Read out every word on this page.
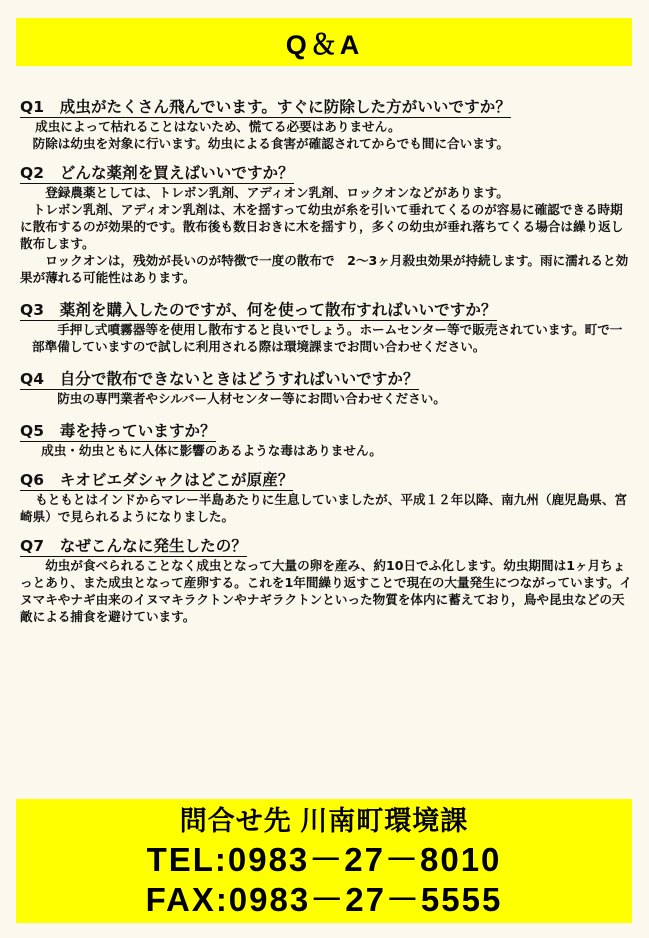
Q＆A
Q1　成虫がたくさん飛んでいます。すぐに防除した方がいいですか？

成虫によって枯れることはないため、慌てる必要はありません。

防除は幼虫を対象に行います。幼虫による食害が確認されてからでも間に合います。

Q2　どんな薬剤を買えばいいですか？

登録農薬としては、トレボン乳剤、アディオン乳剤、ロックオンなどがあります。

トレボン乳剤、アディオン乳剤は、木を揺すって幼虫が糸を引いて垂れてくるのが容易に確認できる時期に散布するのが効果的です。散布後も数日おきに木を揺すり，多くの幼虫が垂れ落ちてくる場合は繰り返し散布します。

ロックオンは，残効が長いのが特徴で一度の散布で　2～3ヶ月殺虫効果が持続します。雨に濡れると効果が薄れる可能性はあります。

Q3　薬剤を購入したのですが、何を使って散布すればいいですか？

手押し式噴霧器等を使用し散布すると良いでしょう。ホームセンター等で販売されています。町で一部準備していますので試しに利用される際は環境課までお問い合わせください。

Q4　自分で散布できないときはどうすればいいですか？

防虫の専門業者やシルバー人材センター等にお問い合わせください。

Q5　毒を持っていますか？

成虫・幼虫ともに人体に影響のあるような毒はありません。

Q6　キオビエダシャクはどこが原産？

もともとはインドからマレー半島あたりに生息していましたが、平成１２年以降、南九州（鹿児島県、宮崎県）で見られるようになりました。

Q7　なぜこんなに発生したの？

幼虫が食べられることなく成虫となって大量の卵を産み、約10日でふ化します。幼虫期間は1ヶ月ちょっとあり、また成虫となって産卵する。これを1年間繰り返すことで現在の大量発生につながっています。イヌマキやナギ由来のイヌマキラクトンやナギラクトンといった物質を体内に蓄えており，鳥や昆虫などの天敵による捕食を避けています。

問合せ先 川南町環境課
TEL:0983－27－8010
FAX:0983－27－5555
